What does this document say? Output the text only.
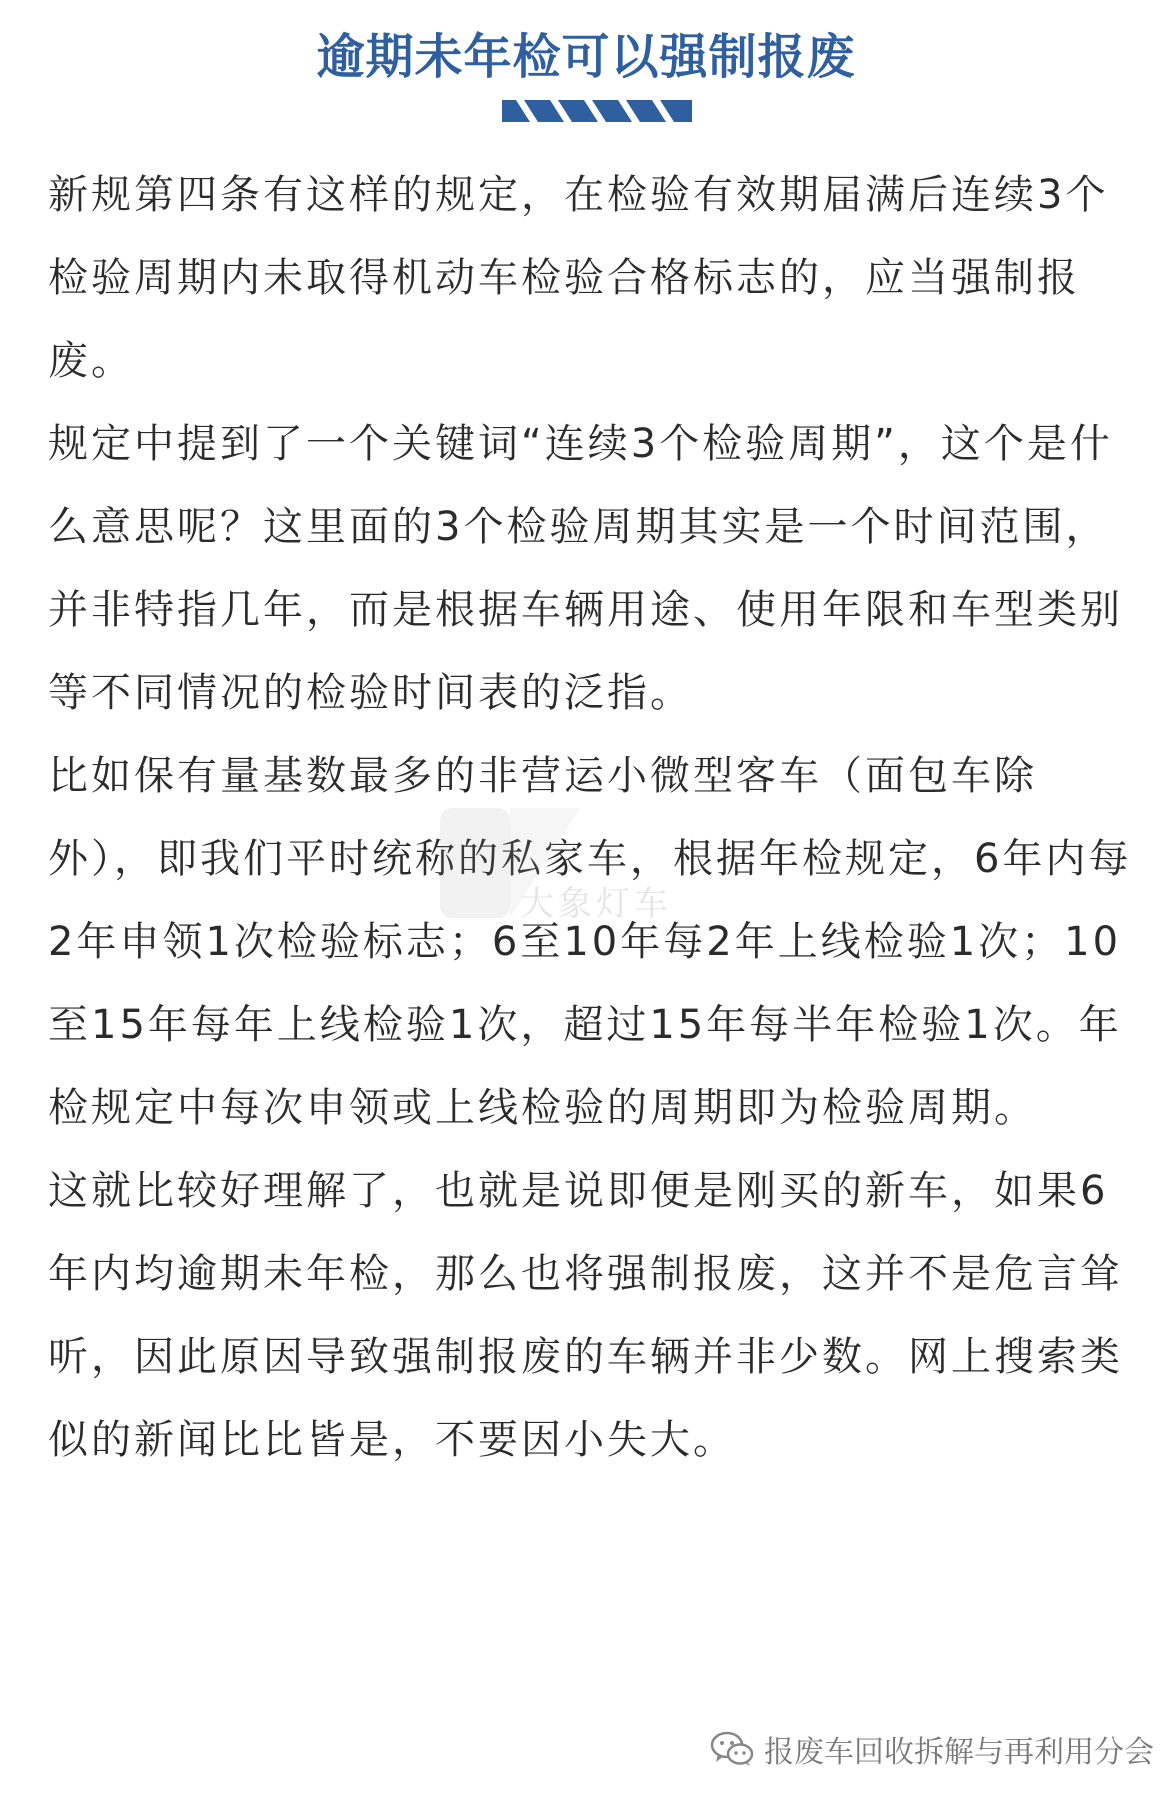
逾期未年检可以强制报废

新规第四条有这样的规定，在检验有效期届满后连续3个检验周期内未取得机动车检验合格标志的，应当强制报废。

规定中提到了一个关键词“连续3个检验周期”，这个是什么意思呢？这里面的3个检验周期其实是一个时间范围，并非特指几年，而是根据车辆用途、使用年限和车型类别等不同情况的检验时间表的泛指。

比如保有量基数最多的非营运小微型客车（面包车除外），即我们平时统称的私家车，根据年检规定，6年内每2年申领1次检验标志；6至10年每2年上线检验1次；10至15年每年上线检验1次，超过15年每半年检验1次。年检规定中每次申领或上线检验的周期即为检验周期。

这就比较好理解了，也就是说即便是刚买的新车，如果6年内均逾期未年检，那么也将强制报废，这并不是危言耸听，因此原因导致强制报废的车辆并非少数。网上搜索类似的新闻比比皆是，不要因小失大。

大象灯车
报废车回收拆解与再利用分会
